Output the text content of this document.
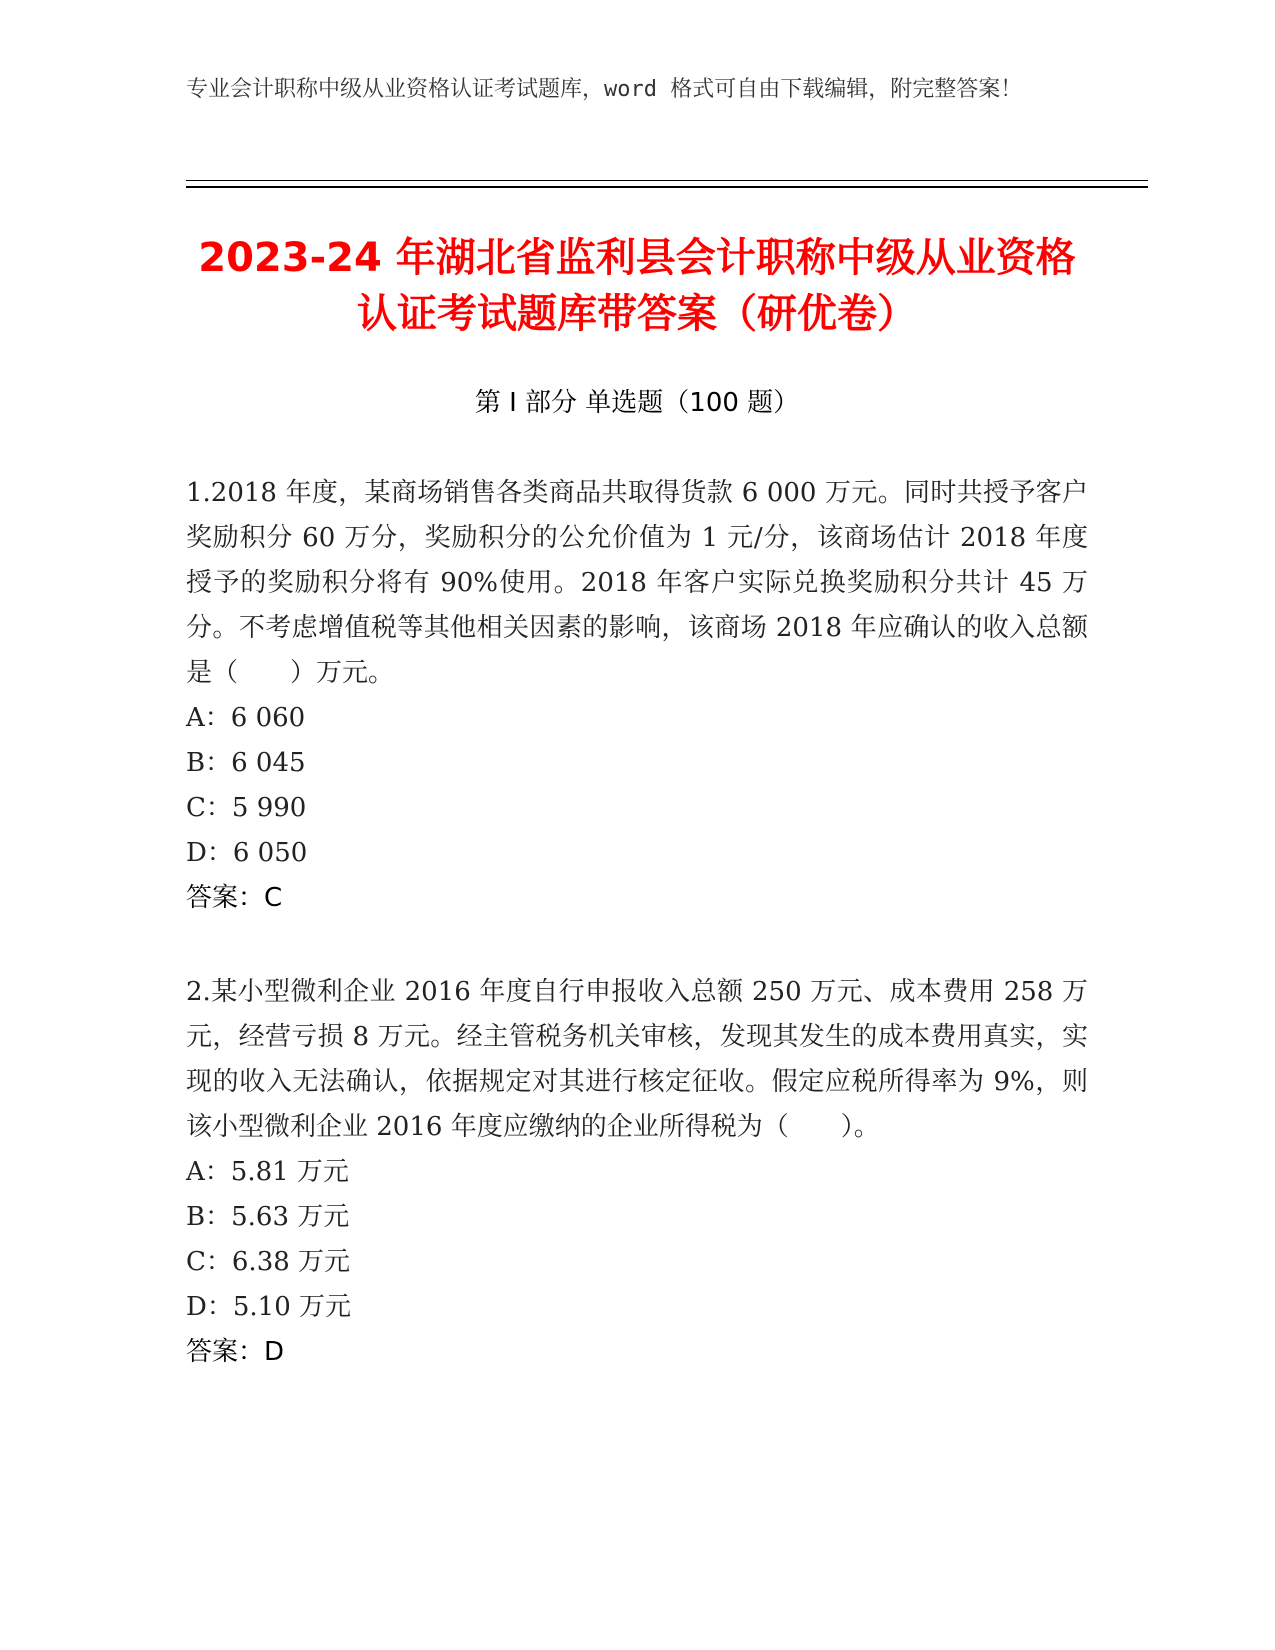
专业会计职称中级从业资格认证考试题库，word 格式可自由下载编辑，附完整答案！
2023-24 年湖北省监利县会计职称中级从业资格认证考试题库带答案（研优卷）
第 I 部分 单选题（100 题）

1.2018 年度，某商场销售各类商品共取得货款 6 000 万元。同时共授予客户奖励积分 60 万分，奖励积分的公允价值为 1 元/分，该商场估计 2018 年度授予的奖励积分将有 90%使用。2018 年客户实际兑换奖励积分共计 45 万分。不考虑增值税等其他相关因素的影响，该商场 2018 年应确认的收入总额是（　　）万元。

A：6 060

B：6 045

C：5 990

D：6 050

答案：C

2.某小型微利企业 2016 年度自行申报收入总额 250 万元、成本费用 258 万元，经营亏损 8 万元。经主管税务机关审核，发现其发生的成本费用真实，实现的收入无法确认，依据规定对其进行核定征收。假定应税所得率为 9%，则该小型微利企业 2016 年度应缴纳的企业所得税为（　　）。

A：5.81 万元

B：5.63 万元

C：6.38 万元

D：5.10 万元

答案：D
